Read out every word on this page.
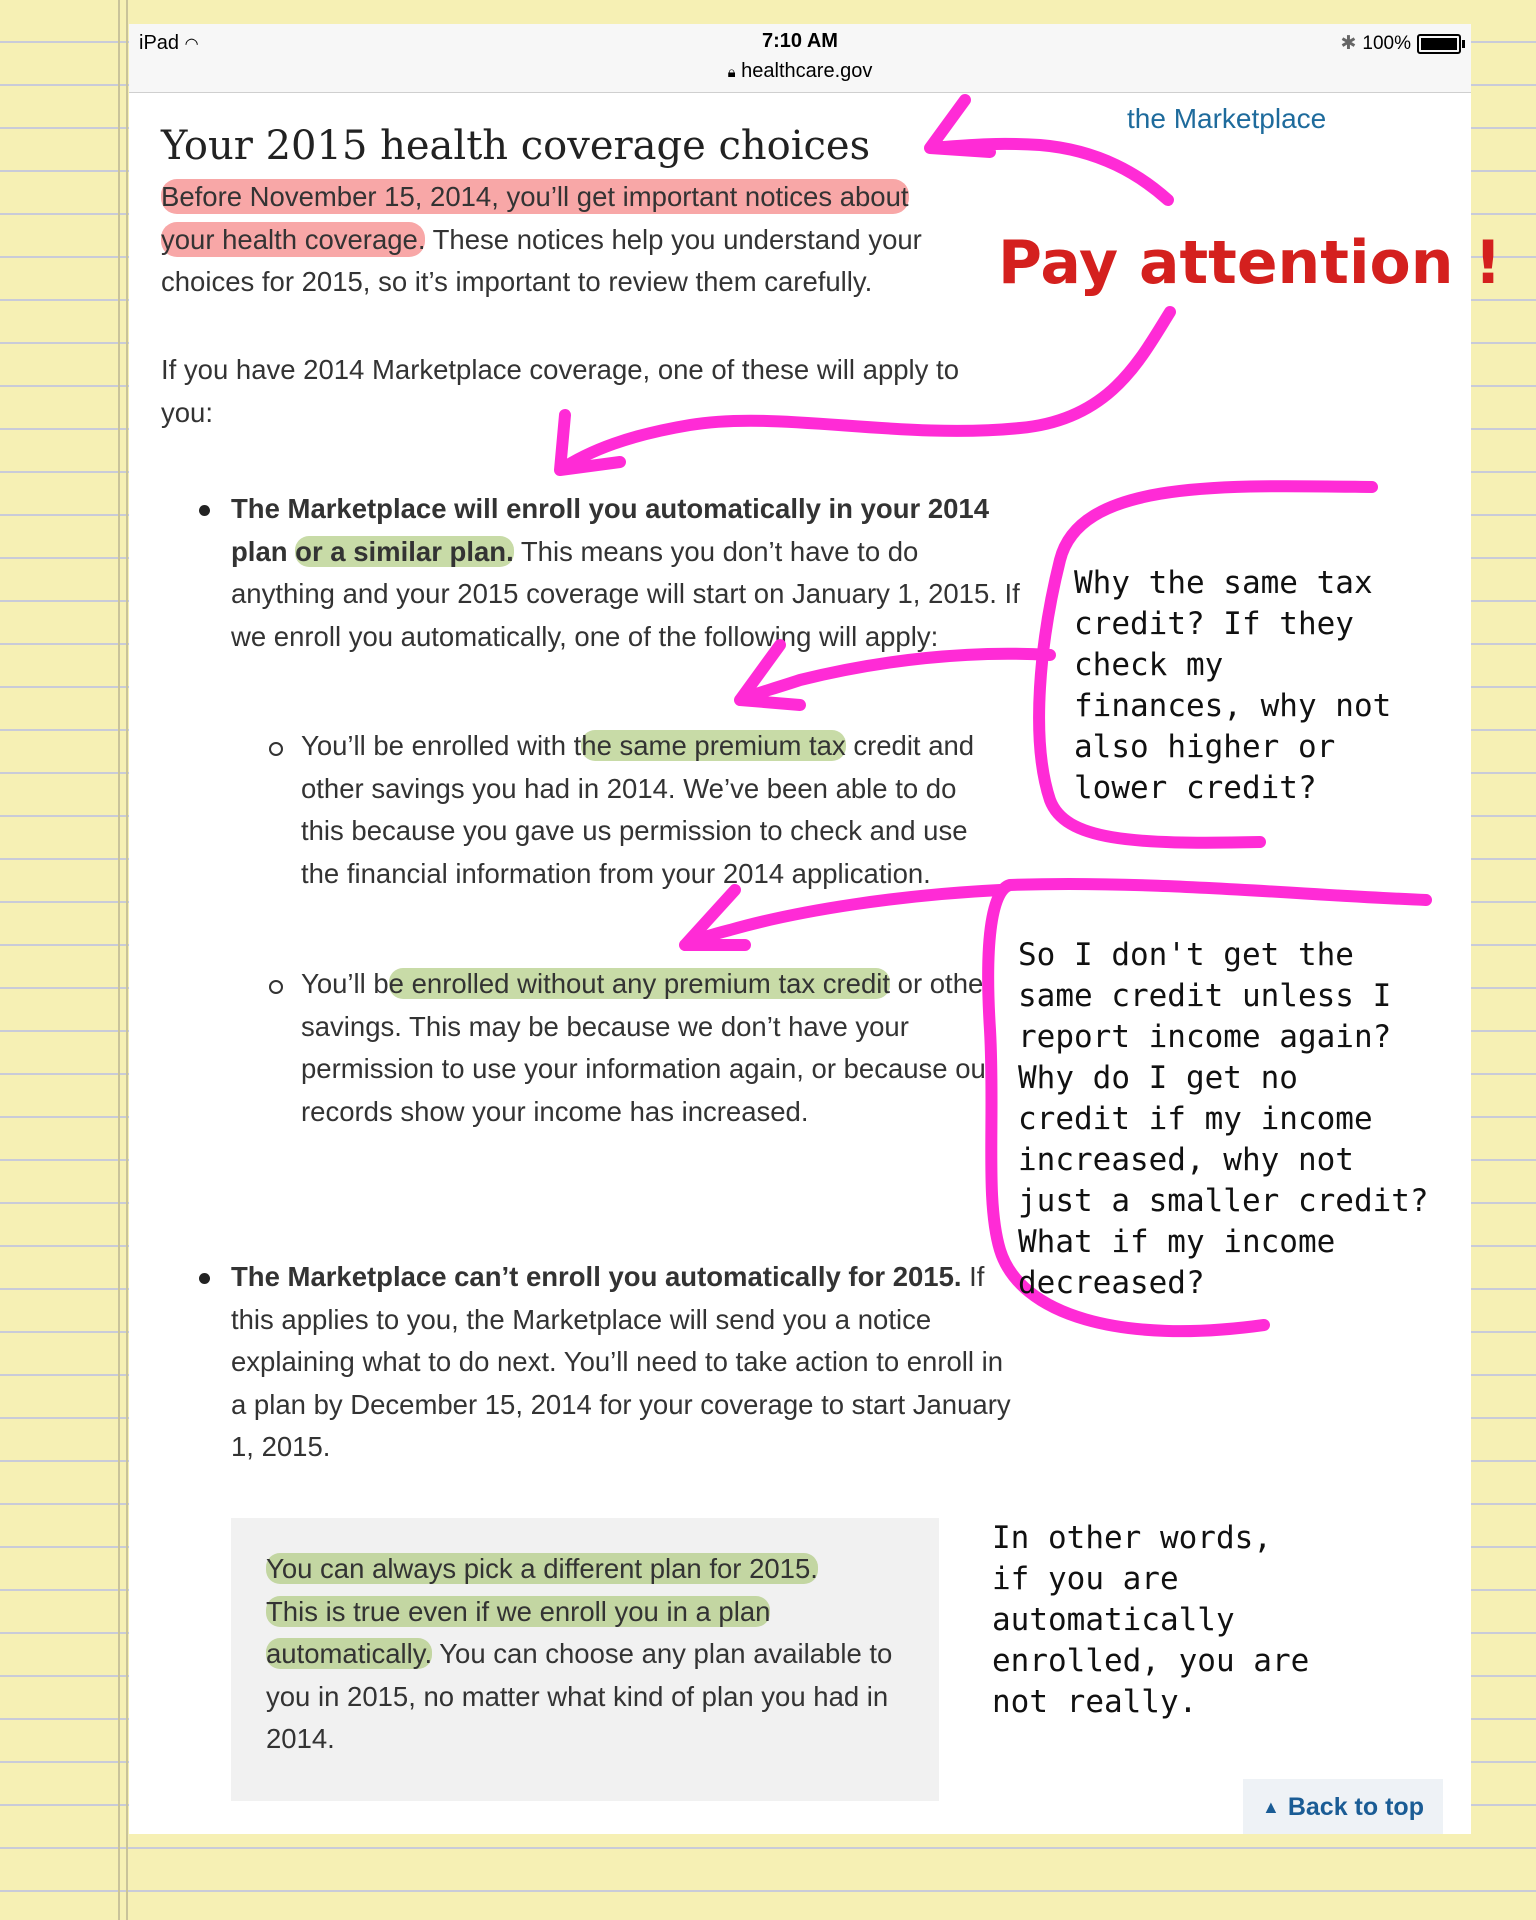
iPad ◠	7:10 AM
🔒︎ healthcare.gov
✱ 100%
the Marketplace
Your 2015 health coverage choices

Before November 15, 2014, you’ll get important notices about
your health coverage. These notices help you understand your choices for 2015, so it’s important to review them carefully.

If you have 2014 Marketplace coverage, one of these will apply to you:

The Marketplace will enroll you automatically in your 2014 plan or a similar plan. This means you don’t have to do anything and your 2015 coverage will start on January 1, 2015. If we enroll you automatically, one of the following will apply:

You’ll be enrolled with the same premium tax credit and other savings you had in 2014. We’ve been able to do this because you gave us permission to check and use the financial information from your 2014 application.

You’ll be enrolled without any premium tax credit or other savings. This may be because we don’t have your permission to use your information again, or because our records show your income has increased.

The Marketplace can’t enroll you automatically for 2015. If this applies to you, the Marketplace will send you a notice explaining what to do next. You’ll need to take action to enroll in a plan by December 15, 2014 for your coverage to start January 1, 2015.

You can always pick a different plan for 2015.
This is true even if we enroll you in a plan
automatically. You can choose any plan available to you in 2015, no matter what kind of plan you had in 2014.

▲ Back to top
Pay attention !
Why the same tax
credit? If they
check my
finances, why not
also higher or
lower credit?
So I don't get the
same credit unless I
report income again?
Why do I get no
credit if my income
increased, why not
just a smaller credit?
What if my income
decreased?
In other words,
if you are
automatically
enrolled, you are
not really.
